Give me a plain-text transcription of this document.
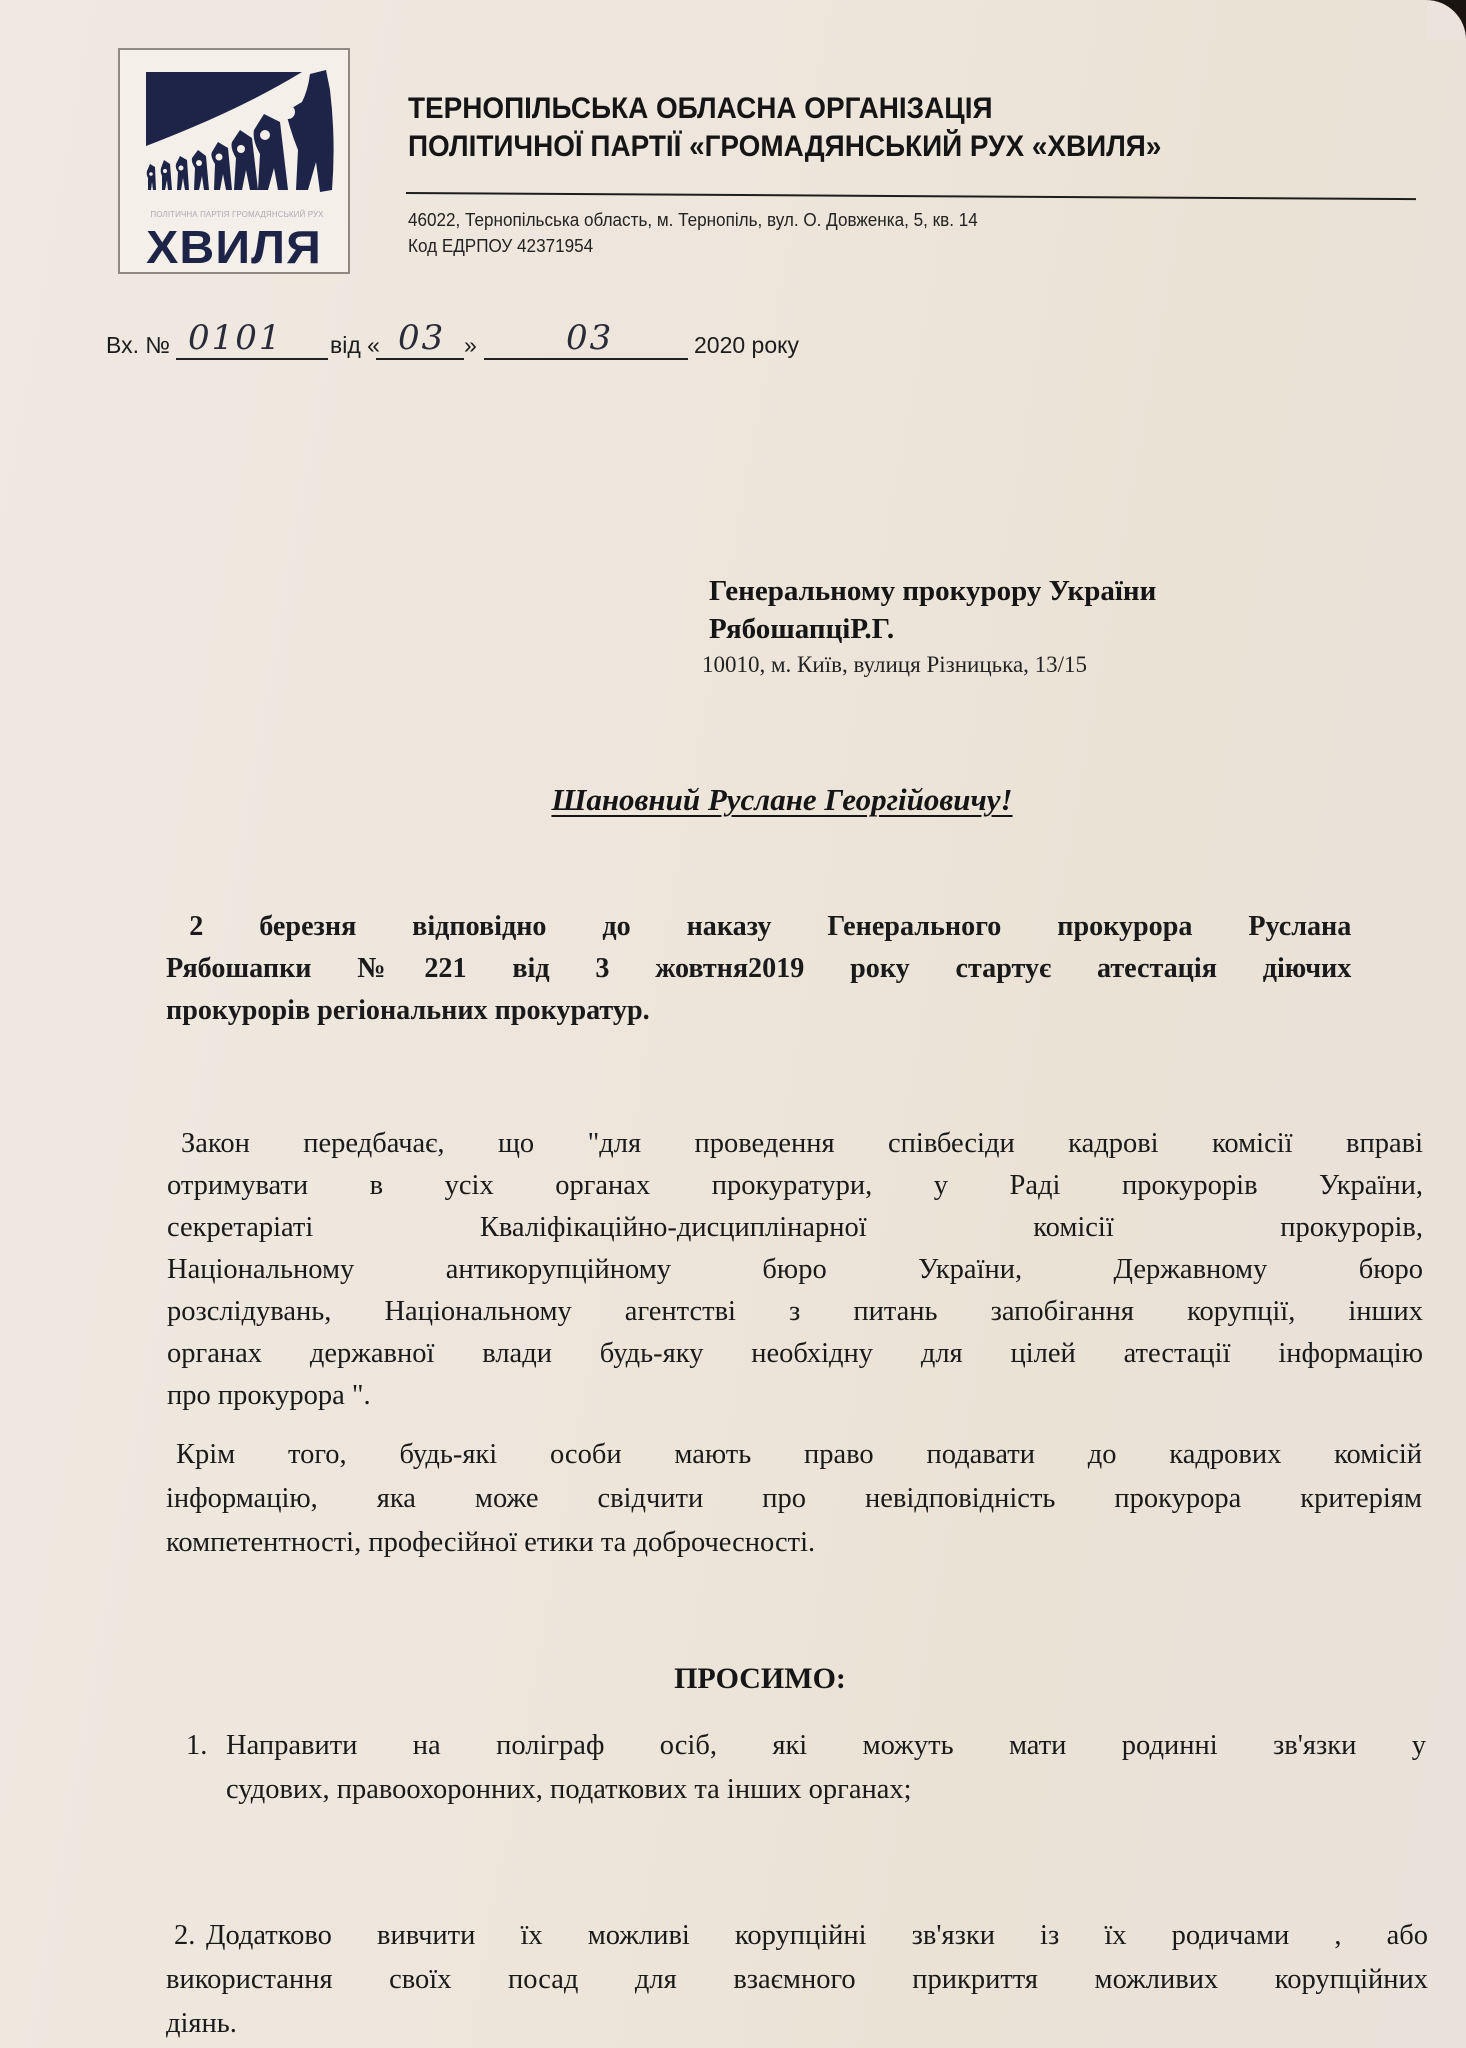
ПОЛІТИЧНА ПАРТІЯ ГРОМАДЯНСЬКИЙ РУХ
ХВИЛЯ
ТЕРНОПІЛЬСЬКА ОБЛАСНА ОРГАНІЗАЦІЯ
ПОЛІТИЧНОЇ ПАРТІЇ «ГРОМАДЯНСЬКИЙ РУХ «ХВИЛЯ»
46022, Тернопільська область, м. Тернопіль, вул. О. Довженка, 5, кв. 14
Код ЕДРПОУ 42371954
Вх. № 0101 від « 03 »	03	2020 року
Генеральному прокурору України
РябошапціР.Г.
10010, м. Київ, вулиця Різницька, 13/15
Шановний Руслане Георгійовичу!
2 березня відповідно до наказу Генерального прокурора Руслана
Рябошапки №221 від 3 жовтня2019 року стартує атестація діючих
прокурорів регіональних прокуратур.
Закон передбачає, що "для проведення співбесіди кадрові комісії вправі
отримувати в усіх органах прокуратури, у Раді прокурорів України,
секретаріаті Кваліфікаційно-дисциплінарної комісії прокурорів,
Національному антикорупційному бюро України, Державному бюро
розслідувань, Національному агентстві з питань запобігання корупції, інших
органах державної влади будь-яку необхідну для цілей атестації інформацію
про прокурора ".
Крім того, будь-які особи мають право подавати до кадрових комісій
інформацію, яка може свідчити про невідповідність прокурора критеріям
компетентності, професійної етики та доброчесності.
ПРОСИМО:
1. Направити на поліграф осіб, які можуть мати родинні зв'язки у
судових, правоохоронних, податкових та інших органах;
2. Додатково вивчити їх можливі корупційні зв'язки із їх родичами , або
використання своїх посад для взаємного прикриття можливих корупційних
діянь.
